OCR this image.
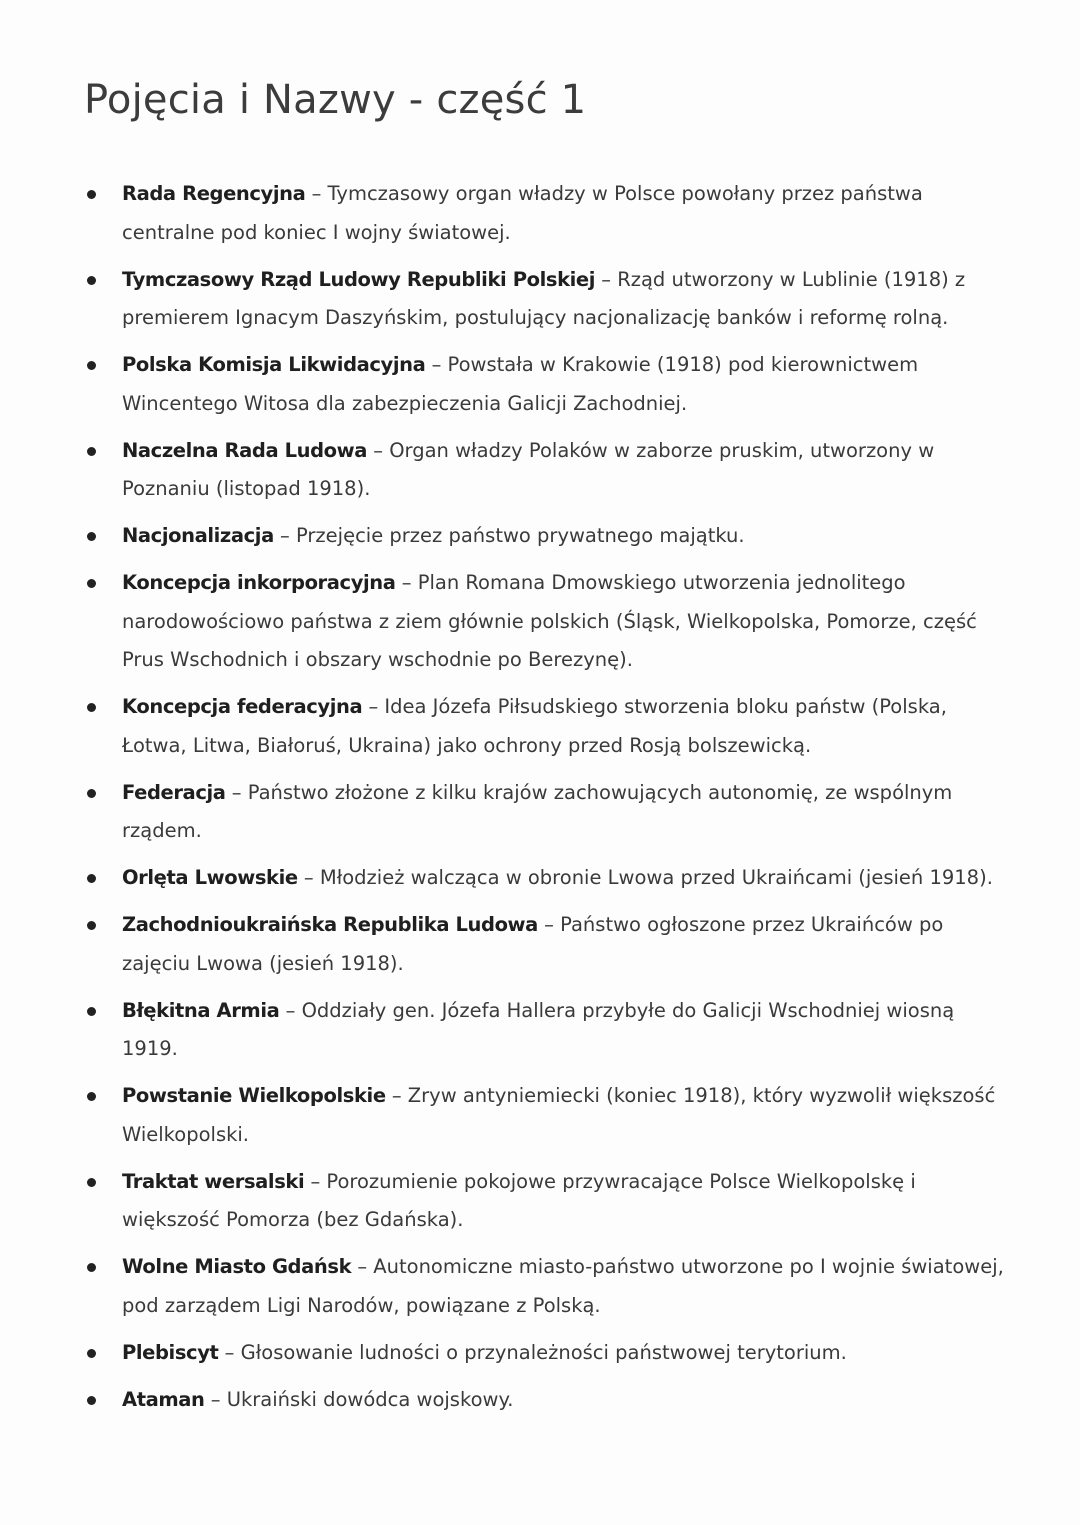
Pojęcia i Nazwy - część 1
Rada Regencyjna – Tymczasowy organ władzy w Polsce powołany przez państwa centralne pod koniec I wojny światowej.
Tymczasowy Rząd Ludowy Republiki Polskiej – Rząd utworzony w Lublinie (1918) z premierem Ignacym Daszyńskim, postulujący nacjonalizację banków i reformę rolną.
Polska Komisja Likwidacyjna – Powstała w Krakowie (1918) pod kierownictwem Wincentego Witosa dla zabezpieczenia Galicji Zachodniej.
Naczelna Rada Ludowa – Organ władzy Polaków w zaborze pruskim, utworzony w Poznaniu (listopad 1918).
Nacjonalizacja – Przejęcie przez państwo prywatnego majątku.
Koncepcja inkorporacyjna – Plan Romana Dmowskiego utworzenia jednolitego narodowościowo państwa z ziem głównie polskich (Śląsk, Wielkopolska, Pomorze, część Prus Wschodnich i obszary wschodnie po Berezynę).
Koncepcja federacyjna – Idea Józefa Piłsudskiego stworzenia bloku państw (Polska, Łotwa, Litwa, Białoruś, Ukraina) jako ochrony przed Rosją bolszewicką.
Federacja – Państwo złożone z kilku krajów zachowujących autonomię, ze wspólnym rządem.
Orlęta Lwowskie – Młodzież walcząca w obronie Lwowa przed Ukraińcami (jesień 1918).
Zachodnioukraińska Republika Ludowa – Państwo ogłoszone przez Ukraińców po zajęciu Lwowa (jesień 1918).
Błękitna Armia – Oddziały gen. Józefa Hallera przybyłe do Galicji Wschodniej wiosną 1919.
Powstanie Wielkopolskie – Zryw antyniemiecki (koniec 1918), który wyzwolił większość Wielkopolski.
Traktat wersalski – Porozumienie pokojowe przywracające Polsce Wielkopolskę i większość Pomorza (bez Gdańska).
Wolne Miasto Gdańsk – Autonomiczne miasto-państwo utworzone po I wojnie światowej, pod zarządem Ligi Narodów, powiązane z Polską.
Plebiscyt – Głosowanie ludności o przynależności państwowej terytorium.
Ataman – Ukraiński dowódca wojskowy.
